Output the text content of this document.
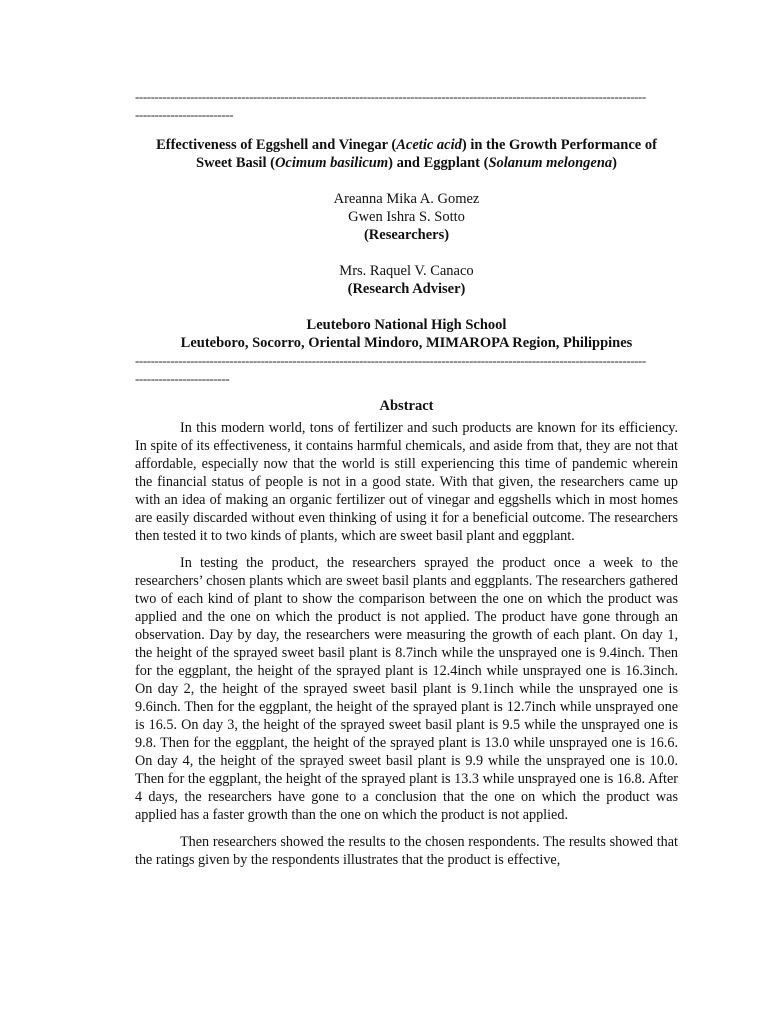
----------------------------------------------------------------------------------------------------------------------------------
-------------------------
Effectiveness of Eggshell and Vinegar (Acetic acid) in the Growth Performance of
Sweet Basil (Ocimum basilicum) and Eggplant (Solanum melongena)
Areanna Mika A. Gomez
Gwen Ishra S. Sotto
(Researchers)
Mrs. Raquel V. Canaco
(Research Adviser)
Leuteboro National High School
Leuteboro, Socorro, Oriental Mindoro, MIMAROPA Region, Philippines
----------------------------------------------------------------------------------------------------------------------------------
------------------------
Abstract

In this modern world, tons of fertilizer and such products are known for its efficiency. In spite of its effectiveness, it contains harmful chemicals, and aside from that, they are not that affordable, especially now that the world is still experiencing this time of pandemic wherein the financial status of people is not in a good state. With that given, the researchers came up with an idea of making an organic fertilizer out of vinegar and eggshells which in most homes are easily discarded without even thinking of using it for a beneficial outcome. The researchers then tested it to two kinds of plants, which are sweet basil plant and eggplant.

In testing the product, the researchers sprayed the product once a week to the researchers’ chosen plants which are sweet basil plants and eggplants. The researchers gathered two of each kind of plant to show the comparison between the one on which the product was applied and the one on which the product is not applied. The product have gone through an observation. Day by day, the researchers were measuring the growth of each plant. On day 1, the height of the sprayed sweet basil plant is 8.7inch while the unsprayed one is 9.4inch. Then for the eggplant, the height of the sprayed plant is 12.4inch while unsprayed one is 16.3inch. On day 2, the height of the sprayed sweet basil plant is 9.1inch while the unsprayed one is 9.6inch. Then for the eggplant, the height of the sprayed plant is 12.7inch while unsprayed one is 16.5. On day 3, the height of the sprayed sweet basil plant is 9.5 while the unsprayed one is 9.8. Then for the eggplant, the height of the sprayed plant is 13.0 while unsprayed one is 16.6. On day 4, the height of the sprayed sweet basil plant is 9.9 while the unsprayed one is 10.0. Then for the eggplant, the height of the sprayed plant is 13.3 while unsprayed one is 16.8. After 4 days, the researchers have gone to a conclusion that the one on which the product was applied has a faster growth than the one on which the product is not applied.

Then researchers showed the results to the chosen respondents. The results showed that the ratings given by the respondents illustrates that the product is effective,
